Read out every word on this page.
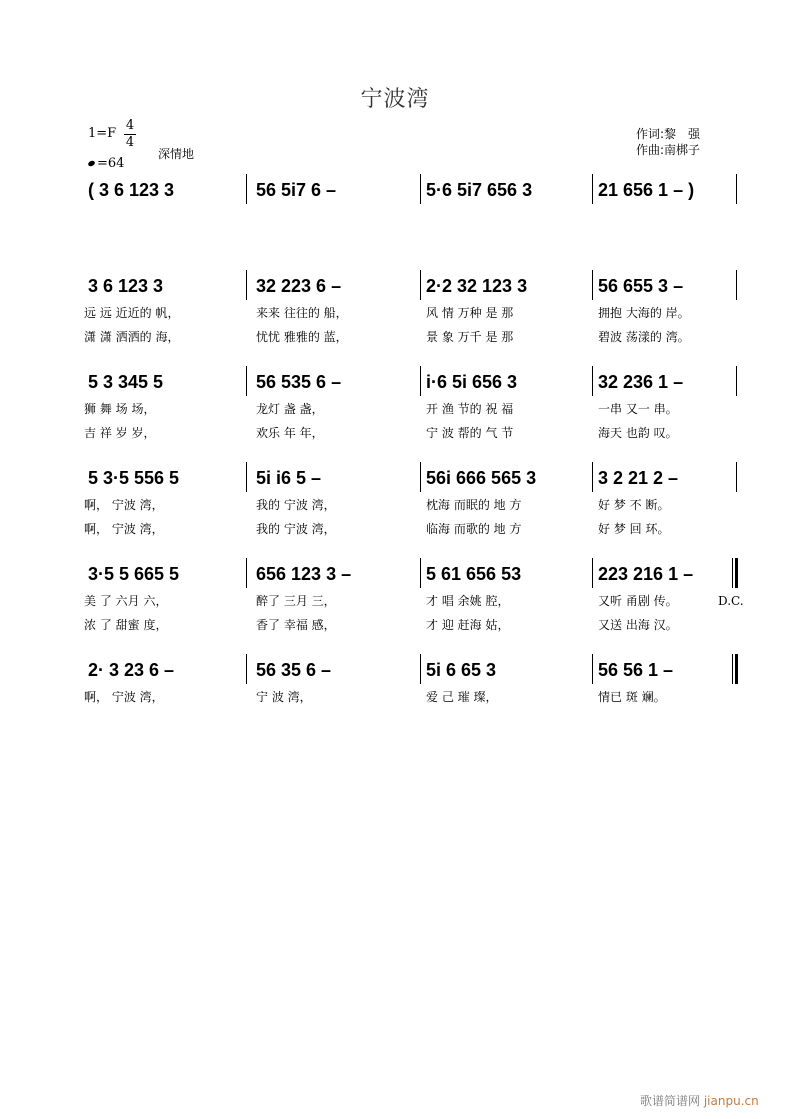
宁波湾
1=F
4
4
=64
深情地
作词:黎　强
作曲:南梆子
( 3 6 123 3	56 5i7 6 –	5·6 5i7 656 3	21 656 1 – )
3 6 123 3	32 223 6 –	2·2 32 123 3	56 655 3 –
远 远 近近的 帆，	来来 往往的 船，	风 情 万种 是 那	拥抱 大海的 岸。
潇 潇 洒洒的 海，	忧忧 雅雅的 蓝，	景 象 万千 是 那	碧波 荡漾的 湾。
5 3 345 5	56 535 6 –	i·6 5i 656 3	32 236 1 –
狮 舞 场 场，	龙灯 盏 盏，	开 渔 节的 祝 福	一串 又一 串。
吉 祥 岁 岁，	欢乐 年 年，	宁 波 帮的 气 节	海天 也韵 叹。
5 3·5 556 5	5i i6 5 –	56i 666 565 3	3 2 21 2 –
啊， 宁波 湾，	我的 宁波 湾，	枕海 而眠的 地 方	好 梦 不 断。
啊， 宁波 湾，	我的 宁波 湾，	临海 而歌的 地 方	好 梦 回 环。
3·5 5 665 5	656 123 3 –	5 61 656 53	223 216 1 –
D.C.
美 了 六月 六，	醉了 三月 三，	才 唱 余姚 腔，	又听 甬剧 传。
浓 了 甜蜜 度，	香了 幸福 感，	才 迎 赶海 姑，	又送 出海 汉。
2· 3 23 6 –	56 35 6 –	5i 6 65 3	56 56 1 –
啊， 宁波 湾，	宁 波 湾，	爱 己 璀 璨，	情已 斑 斓。
歌谱简谱网 jianpu.cn
